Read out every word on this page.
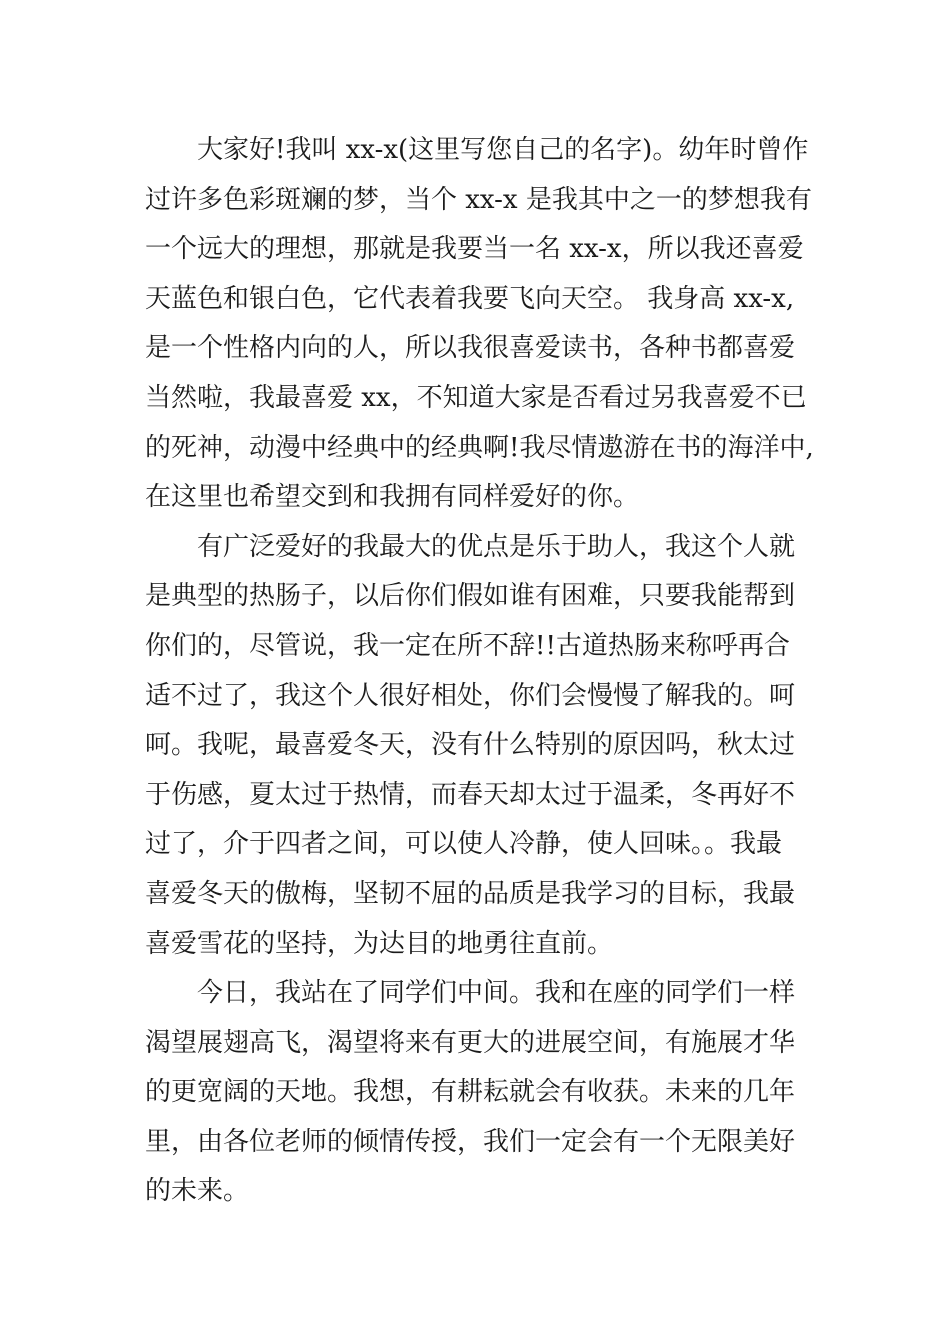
大家好!我叫 xx-x(这里写您自己的名字)。幼年时曾作
过许多色彩斑斓的梦，当个 xx-x 是我其中之一的梦想我有
一个远大的理想，那就是我要当一名 xx-x，所以我还喜爱
天蓝色和银白色，它代表着我要飞向天空。 我身高 xx-x,
是一个性格内向的人，所以我很喜爱读书，各种书都喜爱
当然啦，我最喜爱 xx，不知道大家是否看过另我喜爱不已
的死神，动漫中经典中的经典啊!我尽情遨游在书的海洋中,
在这里也希望交到和我拥有同样爱好的你。
有广泛爱好的我最大的优点是乐于助人，我这个人就
是典型的热肠子，以后你们假如谁有困难，只要我能帮到
你们的，尽管说，我一定在所不辞!!古道热肠来称呼再合
适不过了，我这个人很好相处，你们会慢慢了解我的。呵
呵。我呢，最喜爱冬天，没有什么特别的原因吗，秋太过
于伤感，夏太过于热情，而春天却太过于温柔，冬再好不
过了，介于四者之间，可以使人冷静，使人回味。。我最
喜爱冬天的傲梅，坚韧不屈的品质是我学习的目标，我最
喜爱雪花的坚持，为达目的地勇往直前。
今日，我站在了同学们中间。我和在座的同学们一样
渴望展翅高飞，渴望将来有更大的进展空间，有施展才华
的更宽阔的天地。我想，有耕耘就会有收获。未来的几年
里，由各位老师的倾情传授，我们一定会有一个无限美好
的未来。
